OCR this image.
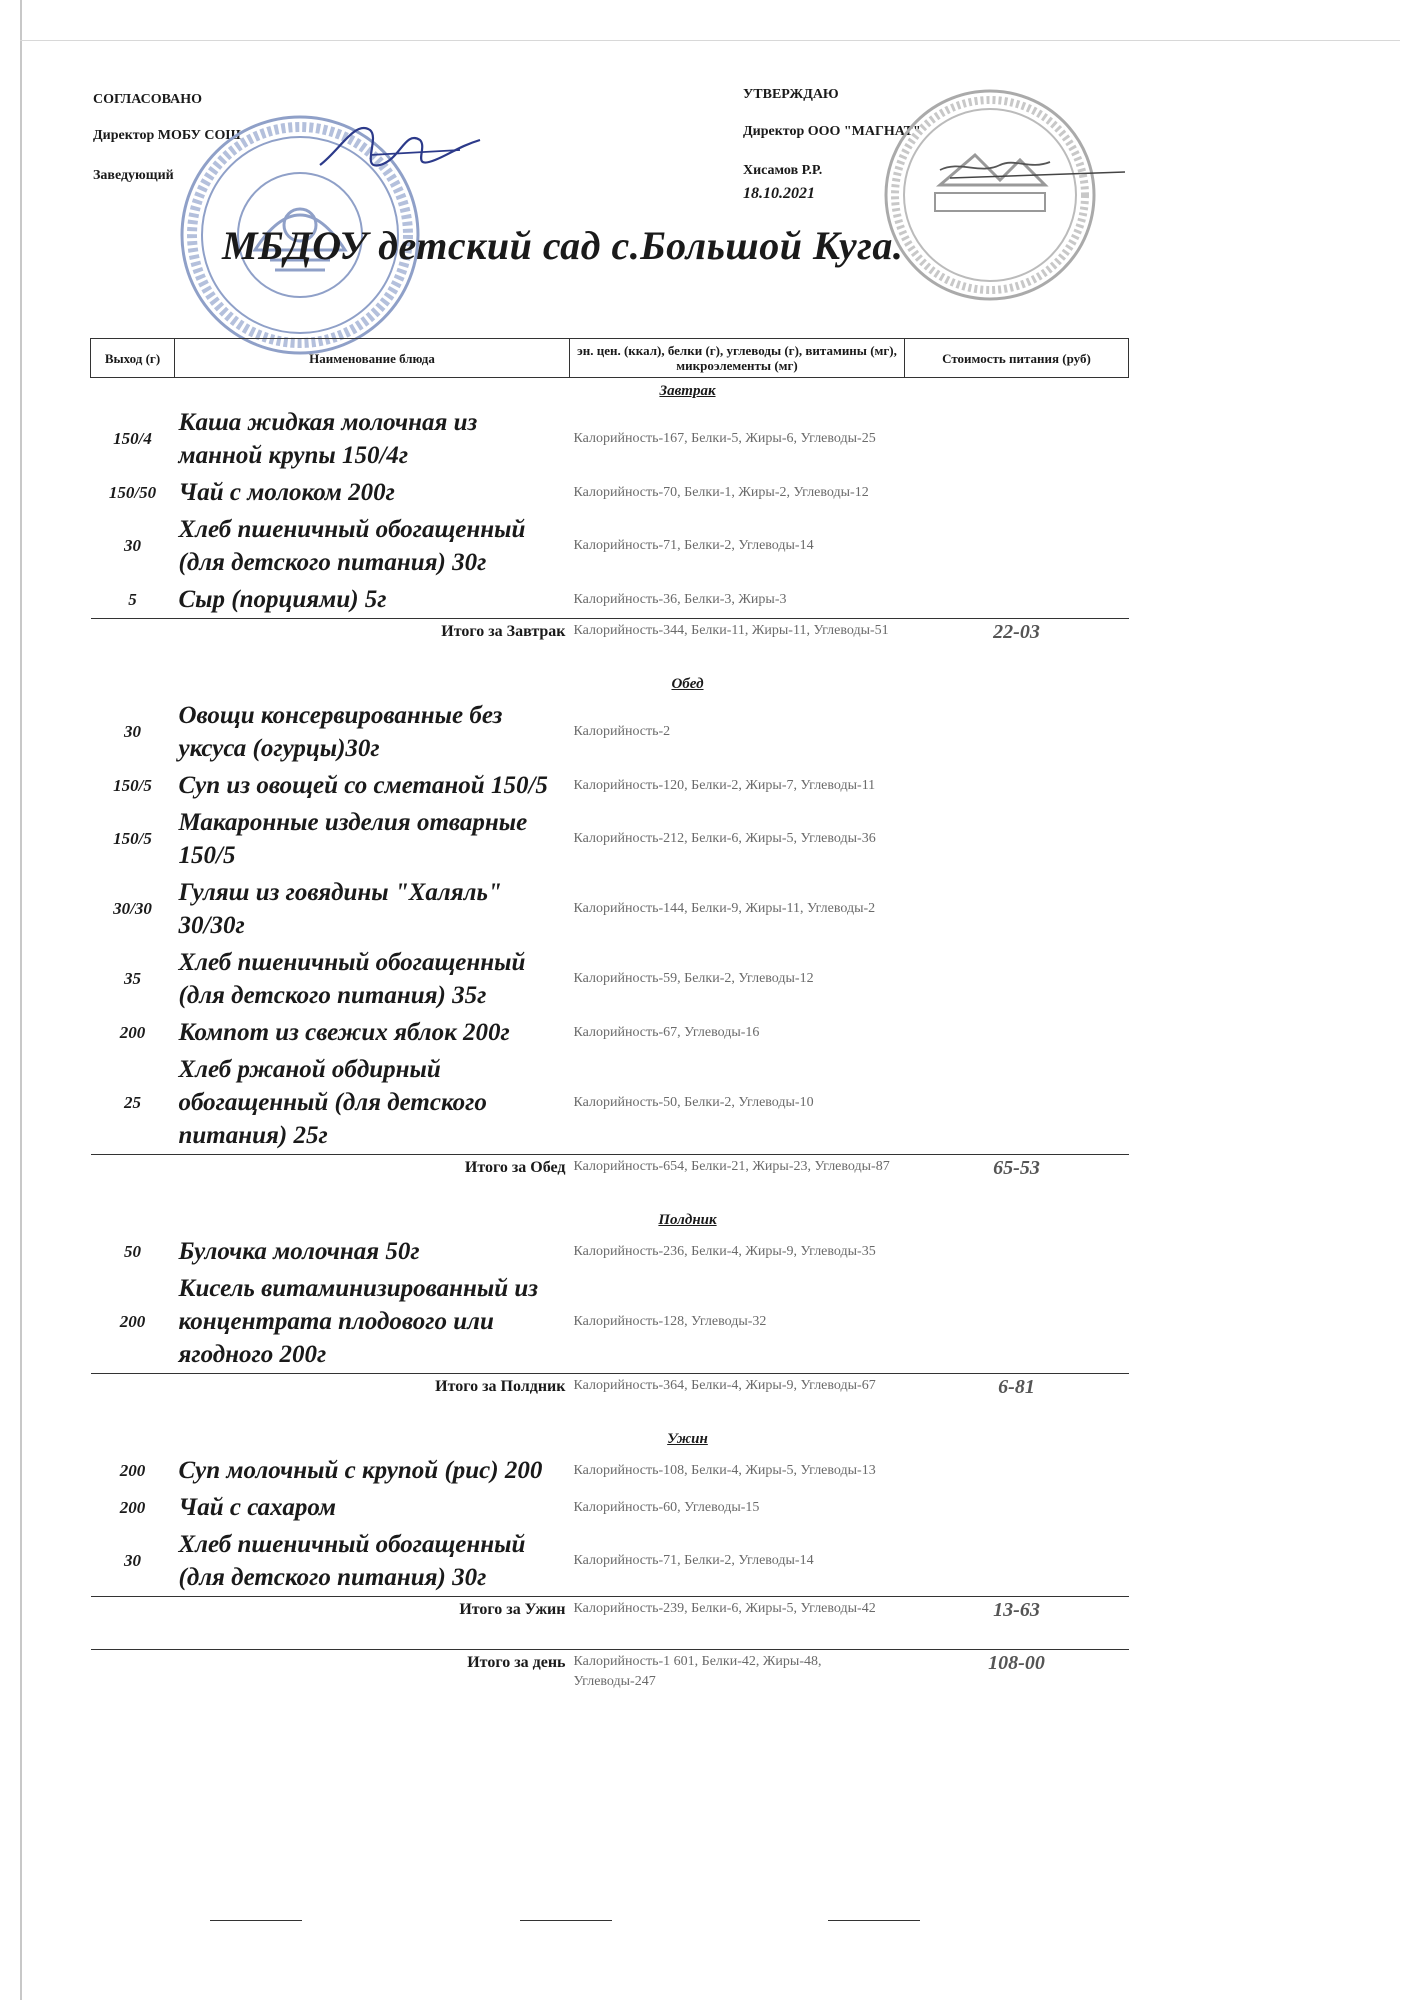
СОГЛАСОВАНО
Директор МОБУ СОШ
Заведующий
УТВЕРЖДАЮ
Директор ООО "МАГНАТ"
Хисамов Р.Р.
18.10.2021
МБДОУ детский сад с.Большой Кугa.
Выход (г)	Наименование блюда	эн. цен. (ккал), белки (г), углеводы (г), витамины (мг), микроэлементы (мг)	Стоимость питания (руб)
Завтрак			
150/4	Каша жидкая молочная из манной крупы 150/4г	Калорийность-167, Белки-5, Жиры-6, Углеводы-25	
150/50	Чай с молоком 200г	Калорийность-70, Белки-1, Жиры-2, Углеводы-12	
30	Хлеб пшеничный обогащенный (для детского питания) 30г	Калорийность-71, Белки-2, Углеводы-14	
5	Сыр (порциями) 5г	Калорийность-36, Белки-3, Жиры-3	
Итого за Завтрак		Калорийность-344, Белки-11, Жиры-11, Углеводы-51	22-03
Обед			
30	Овощи консервированные без уксуса (огурцы)30г	Калорийность-2	
150/5	Суп из овощей со сметаной 150/5	Калорийность-120, Белки-2, Жиры-7, Углеводы-11	
150/5	Макаронные изделия отварные 150/5	Калорийность-212, Белки-6, Жиры-5, Углеводы-36	
30/30	Гуляш из говядины "Халяль" 30/30г	Калорийность-144, Белки-9, Жиры-11, Углеводы-2	
35	Хлеб пшеничный обогащенный (для детского питания) 35г	Калорийность-59, Белки-2, Углеводы-12	
200	Компот из свежих яблок 200г	Калорийность-67, Углеводы-16	
25	Хлеб ржаной обдирный обогащенный (для детского питания) 25г	Калорийность-50, Белки-2, Углеводы-10	
Итого за Обед		Калорийность-654, Белки-21, Жиры-23, Углеводы-87	65-53
Полдник			
50	Булочка молочная 50г	Калорийность-236, Белки-4, Жиры-9, Углеводы-35	
200	Кисель витаминизированный из концентрата плодового или ягодного 200г	Калорийность-128, Углеводы-32	
Итого за Полдник		Калорийность-364, Белки-4, Жиры-9, Углеводы-67	6-81
Ужин			
200	Суп молочный с крупой (рис) 200	Калорийность-108, Белки-4, Жиры-5, Углеводы-13	
200	Чай с сахаром	Калорийность-60, Углеводы-15	
30	Хлеб пшеничный обогащенный (для детского питания) 30г	Калорийность-71, Белки-2, Углеводы-14	
Итого за Ужин		Калорийность-239, Белки-6, Жиры-5, Углеводы-42	13-63
Итого за день		Калорийность-1 601, Белки-42, Жиры-48, Углеводы-247	108-00
